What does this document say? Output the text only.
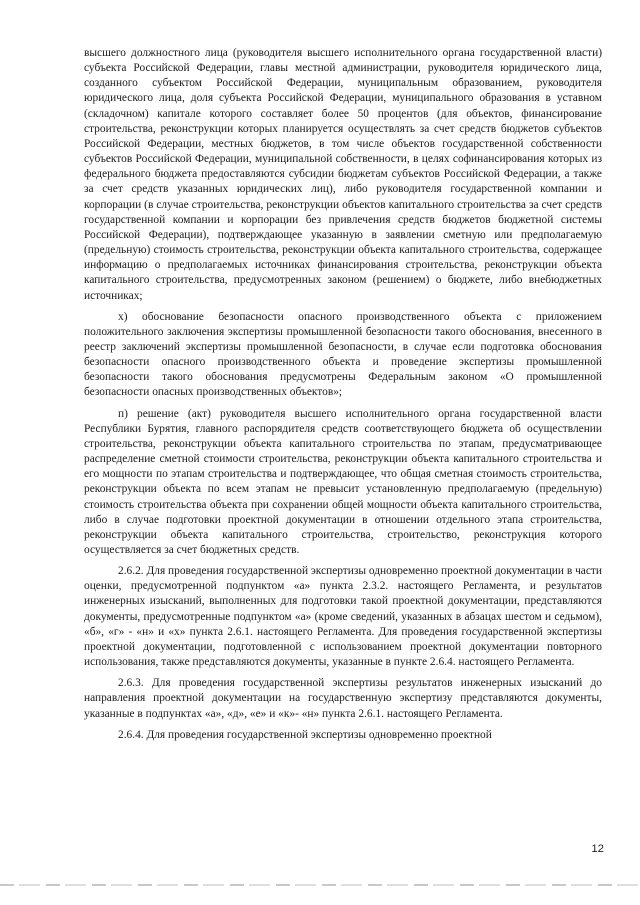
высшего должностного лица (руководителя высшего исполнительного органа государственной власти) субъекта Российской Федерации, главы местной администрации, руководителя юридического лица, созданного субъектом Российской Федерации, муниципальным образованием, руководителя юридического лица, доля субъекта Российской Федерации, муниципального образования в уставном (складочном) капитале которого составляет более 50 процентов (для объектов, финансирование строительства, реконструкции которых планируется осуществлять за счет средств бюджетов субъектов Российской Федерации, местных бюджетов, в том числе объектов государственной собственности субъектов Российской Федерации, муниципальной собственности, в целях софинансирования которых из федерального бюджета предоставляются субсидии бюджетам субъектов Российской Федерации, а также за счет средств указанных юридических лиц), либо руководителя государственной компании и корпорации (в случае строительства, реконструкции объектов капитального строительства за счет средств государственной компании и корпорации без привлечения средств бюджетов бюджетной системы Российской Федерации), подтверждающее указанную в заявлении сметную или предполагаемую (предельную) стоимость строительства, реконструкции объекта капитального строительства, содержащее информацию о предполагаемых источниках финансирования строительства, реконструкции объекта капитального строительства, предусмотренных законом (решением) о бюджете, либо внебюджетных источниках;

х) обоснование безопасности опасного производственного объекта с приложением положительного заключения экспертизы промышленной безопасности такого обоснования, внесенного в реестр заключений экспертизы промышленной безопасности, в случае если подготовка обоснования безопасности опасного производственного объекта и проведение экспертизы промышленной безопасности такого обоснования предусмотрены Федеральным законом «О промышленной безопасности опасных производственных объектов»;

п) решение (акт) руководителя высшего исполнительного органа государственной власти Республики Бурятия, главного распорядителя средств соответствующего бюджета об осуществлении строительства, реконструкции объекта капитального строительства по этапам, предусматривающее распределение сметной стоимости строительства, реконструкции объекта капитального строительства и его мощности по этапам строительства и подтверждающее, что общая сметная стоимость строительства, реконструкции объекта по всем этапам не превысит установленную предполагаемую (предельную) стоимость строительства объекта при сохранении общей мощности объекта капитального строительства, либо в случае подготовки проектной документации в отношении отдельного этапа строительства, реконструкции объекта капитального строительства, строительство, реконструкция которого осуществляется за счет бюджетных средств.

2.6.2. Для проведения государственной экспертизы одновременно проектной документации в части оценки, предусмотренной подпунктом «а» пункта 2.3.2. настоящего Регламента, и результатов инженерных изысканий, выполненных для подготовки такой проектной документации, представляются документы, предусмотренные подпунктом «а» (кроме сведений, указанных в абзацах шестом и седьмом), «б», «г» - «н» и «х» пункта 2.6.1. настоящего Регламента. Для проведения государственной экспертизы проектной документации, подготовленной с использованием проектной документации повторного использования, также представляются документы, указанные в пункте 2.6.4. настоящего Регламента.

2.6.3. Для проведения государственной экспертизы результатов инженерных изысканий до направления проектной документации на государственную экспертизу представляются документы, указанные в подпунктах «а», «д», «е» и «к»- «н» пункта 2.6.1. настоящего Регламента.

2.6.4. Для проведения государственной экспертизы одновременно проектной

12
